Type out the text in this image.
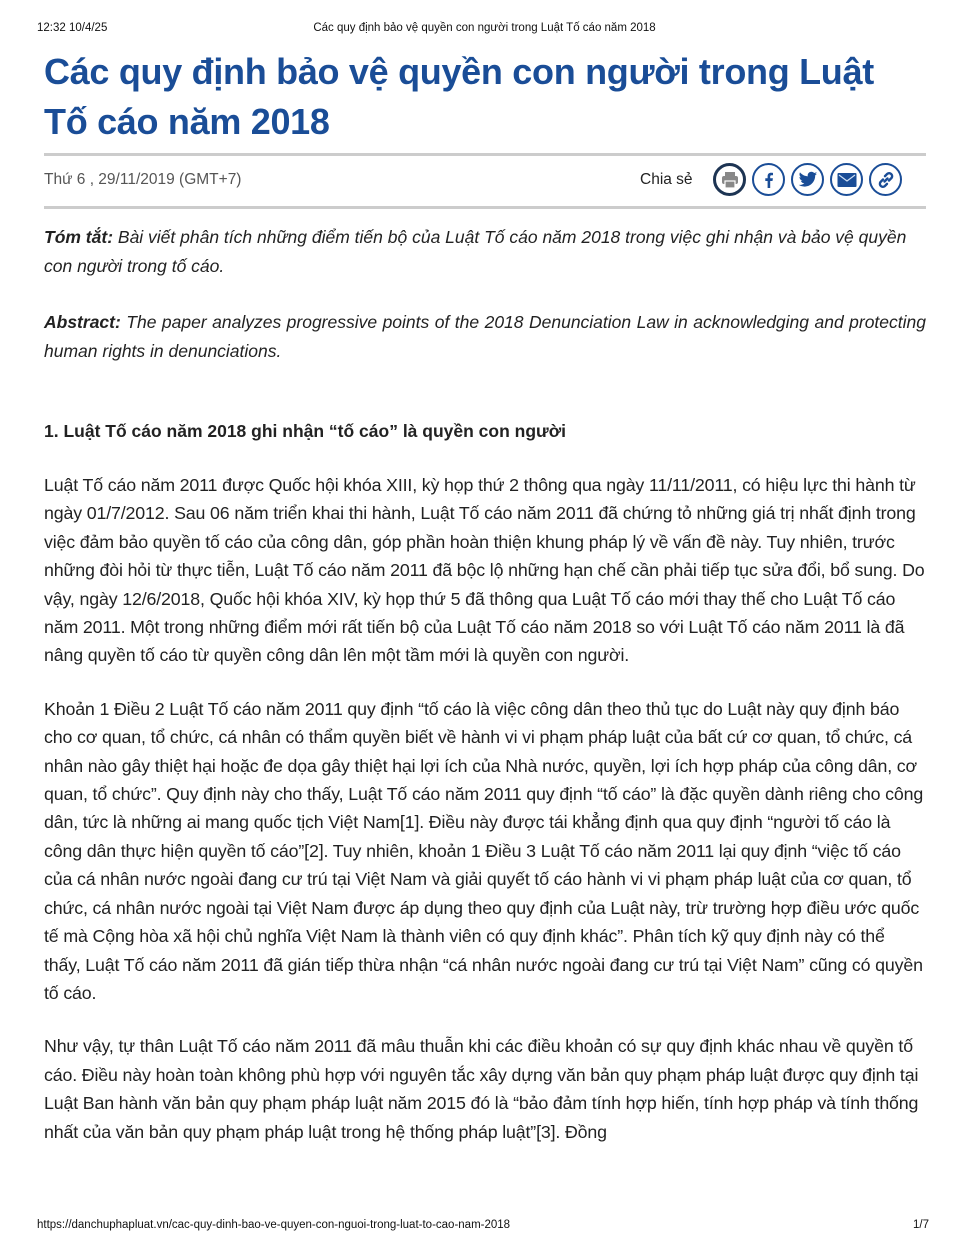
12:32 10/4/25	Các quy định bảo vệ quyền con người trong Luật Tố cáo năm 2018
Các quy định bảo vệ quyền con người trong Luật Tố cáo năm 2018
Thứ 6 , 29/11/2019 (GMT+7)	Chia sẻ

Tóm tắt: Bài viết phân tích những điểm tiến bộ của Luật Tố cáo năm 2018 trong việc ghi nhận và bảo vệ quyền con người trong tố cáo.

Abstract: The paper analyzes progressive points of the 2018 Denunciation Law in acknowledging and protecting human rights in denunciations.

1. Luật Tố cáo năm 2018 ghi nhận “tố cáo” là quyền con người

Luật Tố cáo năm 2011 được Quốc hội khóa XIII, kỳ họp thứ 2 thông qua ngày 11/11/2011, có hiệu lực thi hành từ ngày 01/7/2012. Sau 06 năm triển khai thi hành, Luật Tố cáo năm 2011 đã chứng tỏ những giá trị nhất định trong việc đảm bảo quyền tố cáo của công dân, góp phần hoàn thiện khung pháp lý về vấn đề này. Tuy nhiên, trước những đòi hỏi từ thực tiễn, Luật Tố cáo năm 2011 đã bộc lộ những hạn chế cần phải tiếp tục sửa đổi, bổ sung. Do vậy, ngày 12/6/2018, Quốc hội khóa XIV, kỳ họp thứ 5 đã thông qua Luật Tố cáo mới thay thế cho Luật Tố cáo năm 2011. Một trong những điểm mới rất tiến bộ của Luật Tố cáo năm 2018 so với Luật Tố cáo năm 2011 là đã nâng quyền tố cáo từ quyền công dân lên một tầm mới là quyền con người.

Khoản 1 Điều 2 Luật Tố cáo năm 2011 quy định “tố cáo là việc công dân theo thủ tục do Luật này quy định báo cho cơ quan, tổ chức, cá nhân có thẩm quyền biết về hành vi vi phạm pháp luật của bất cứ cơ quan, tổ chức, cá nhân nào gây thiệt hại hoặc đe dọa gây thiệt hại lợi ích của Nhà nước, quyền, lợi ích hợp pháp của công dân, cơ quan, tổ chức”. Quy định này cho thấy, Luật Tố cáo năm 2011 quy định “tố cáo” là đặc quyền dành riêng cho công dân, tức là những ai mang quốc tịch Việt Nam[1]. Điều này được tái khẳng định qua quy định “người tố cáo là công dân thực hiện quyền tố cáo”[2]. Tuy nhiên, khoản 1 Điều 3 Luật Tố cáo năm 2011 lại quy định “việc tố cáo của cá nhân nước ngoài đang cư trú tại Việt Nam và giải quyết tố cáo hành vi vi phạm pháp luật của cơ quan, tổ chức, cá nhân nước ngoài tại Việt Nam được áp dụng theo quy định của Luật này, trừ trường hợp điều ước quốc tế mà Cộng hòa xã hội chủ nghĩa Việt Nam là thành viên có quy định khác”. Phân tích kỹ quy định này có thể thấy, Luật Tố cáo năm 2011 đã gián tiếp thừa nhận “cá nhân nước ngoài đang cư trú tại Việt Nam” cũng có quyền tố cáo.

Như vậy, tự thân Luật Tố cáo năm 2011 đã mâu thuẫn khi các điều khoản có sự quy định khác nhau về quyền tố cáo. Điều này hoàn toàn không phù hợp với nguyên tắc xây dựng văn bản quy phạm pháp luật được quy định tại Luật Ban hành văn bản quy phạm pháp luật năm 2015 đó là “bảo đảm tính hợp hiến, tính hợp pháp và tính thống nhất của văn bản quy phạm pháp luật trong hệ thống pháp luật”[3]. Đồng

https://danchuphapluat.vn/cac-quy-dinh-bao-ve-quyen-con-nguoi-trong-luat-to-cao-nam-2018	1/7
